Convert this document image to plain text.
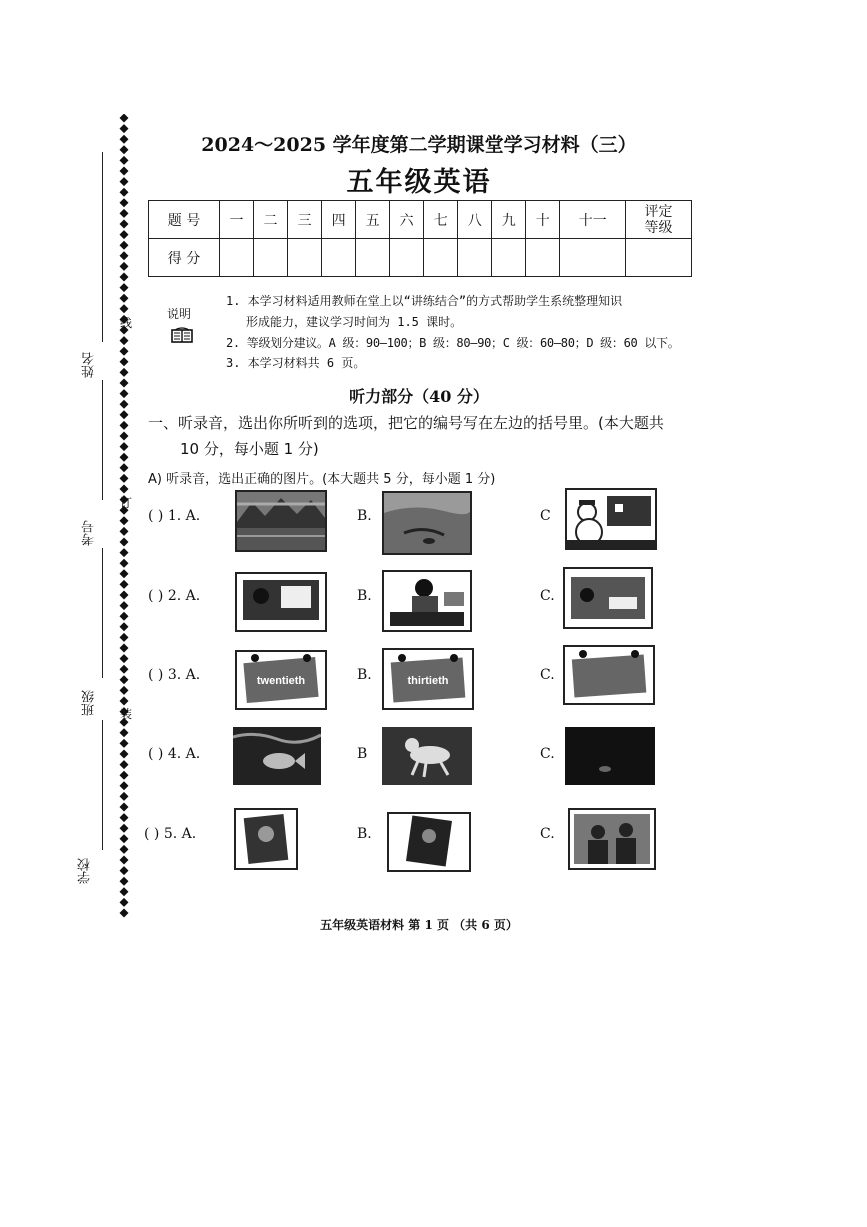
姓名
考号
班级
学校
线
订
装
2024～2025 学年度第二学期课堂学习材料（三）
五年级英语
题 号	一	二	三	四	五	六	七	八	九	十	十一	评定
等级
得 分												
说明
1. 本学习材料适用教师在堂上以“讲练结合”的方式帮助学生系统整理知识
形成能力，建议学习时间为 1.5 课时。
2. 等级划分建议。A 级：90—100；B 级：80—90；C 级：60—80；D 级：60 以下。
3. 本学习材料共 6 页。
听力部分（40 分）
一、听录音，选出你所听到的选项，把它的编号写在左边的括号里。(本大题共
10 分，每小题 1 分)
A) 听录音，选出正确的图片。(本大题共 5 分，每小题 1 分)
( ) 1. A.	B.	C
( ) 2. A.	B.	C.
( ) 3. A.	twentieth	B.	thirtieth	C.
( ) 4. A.	B	C.
( ) 5. A.	B.	C.
五年级英语材料 第 1 页 （共 6 页）
